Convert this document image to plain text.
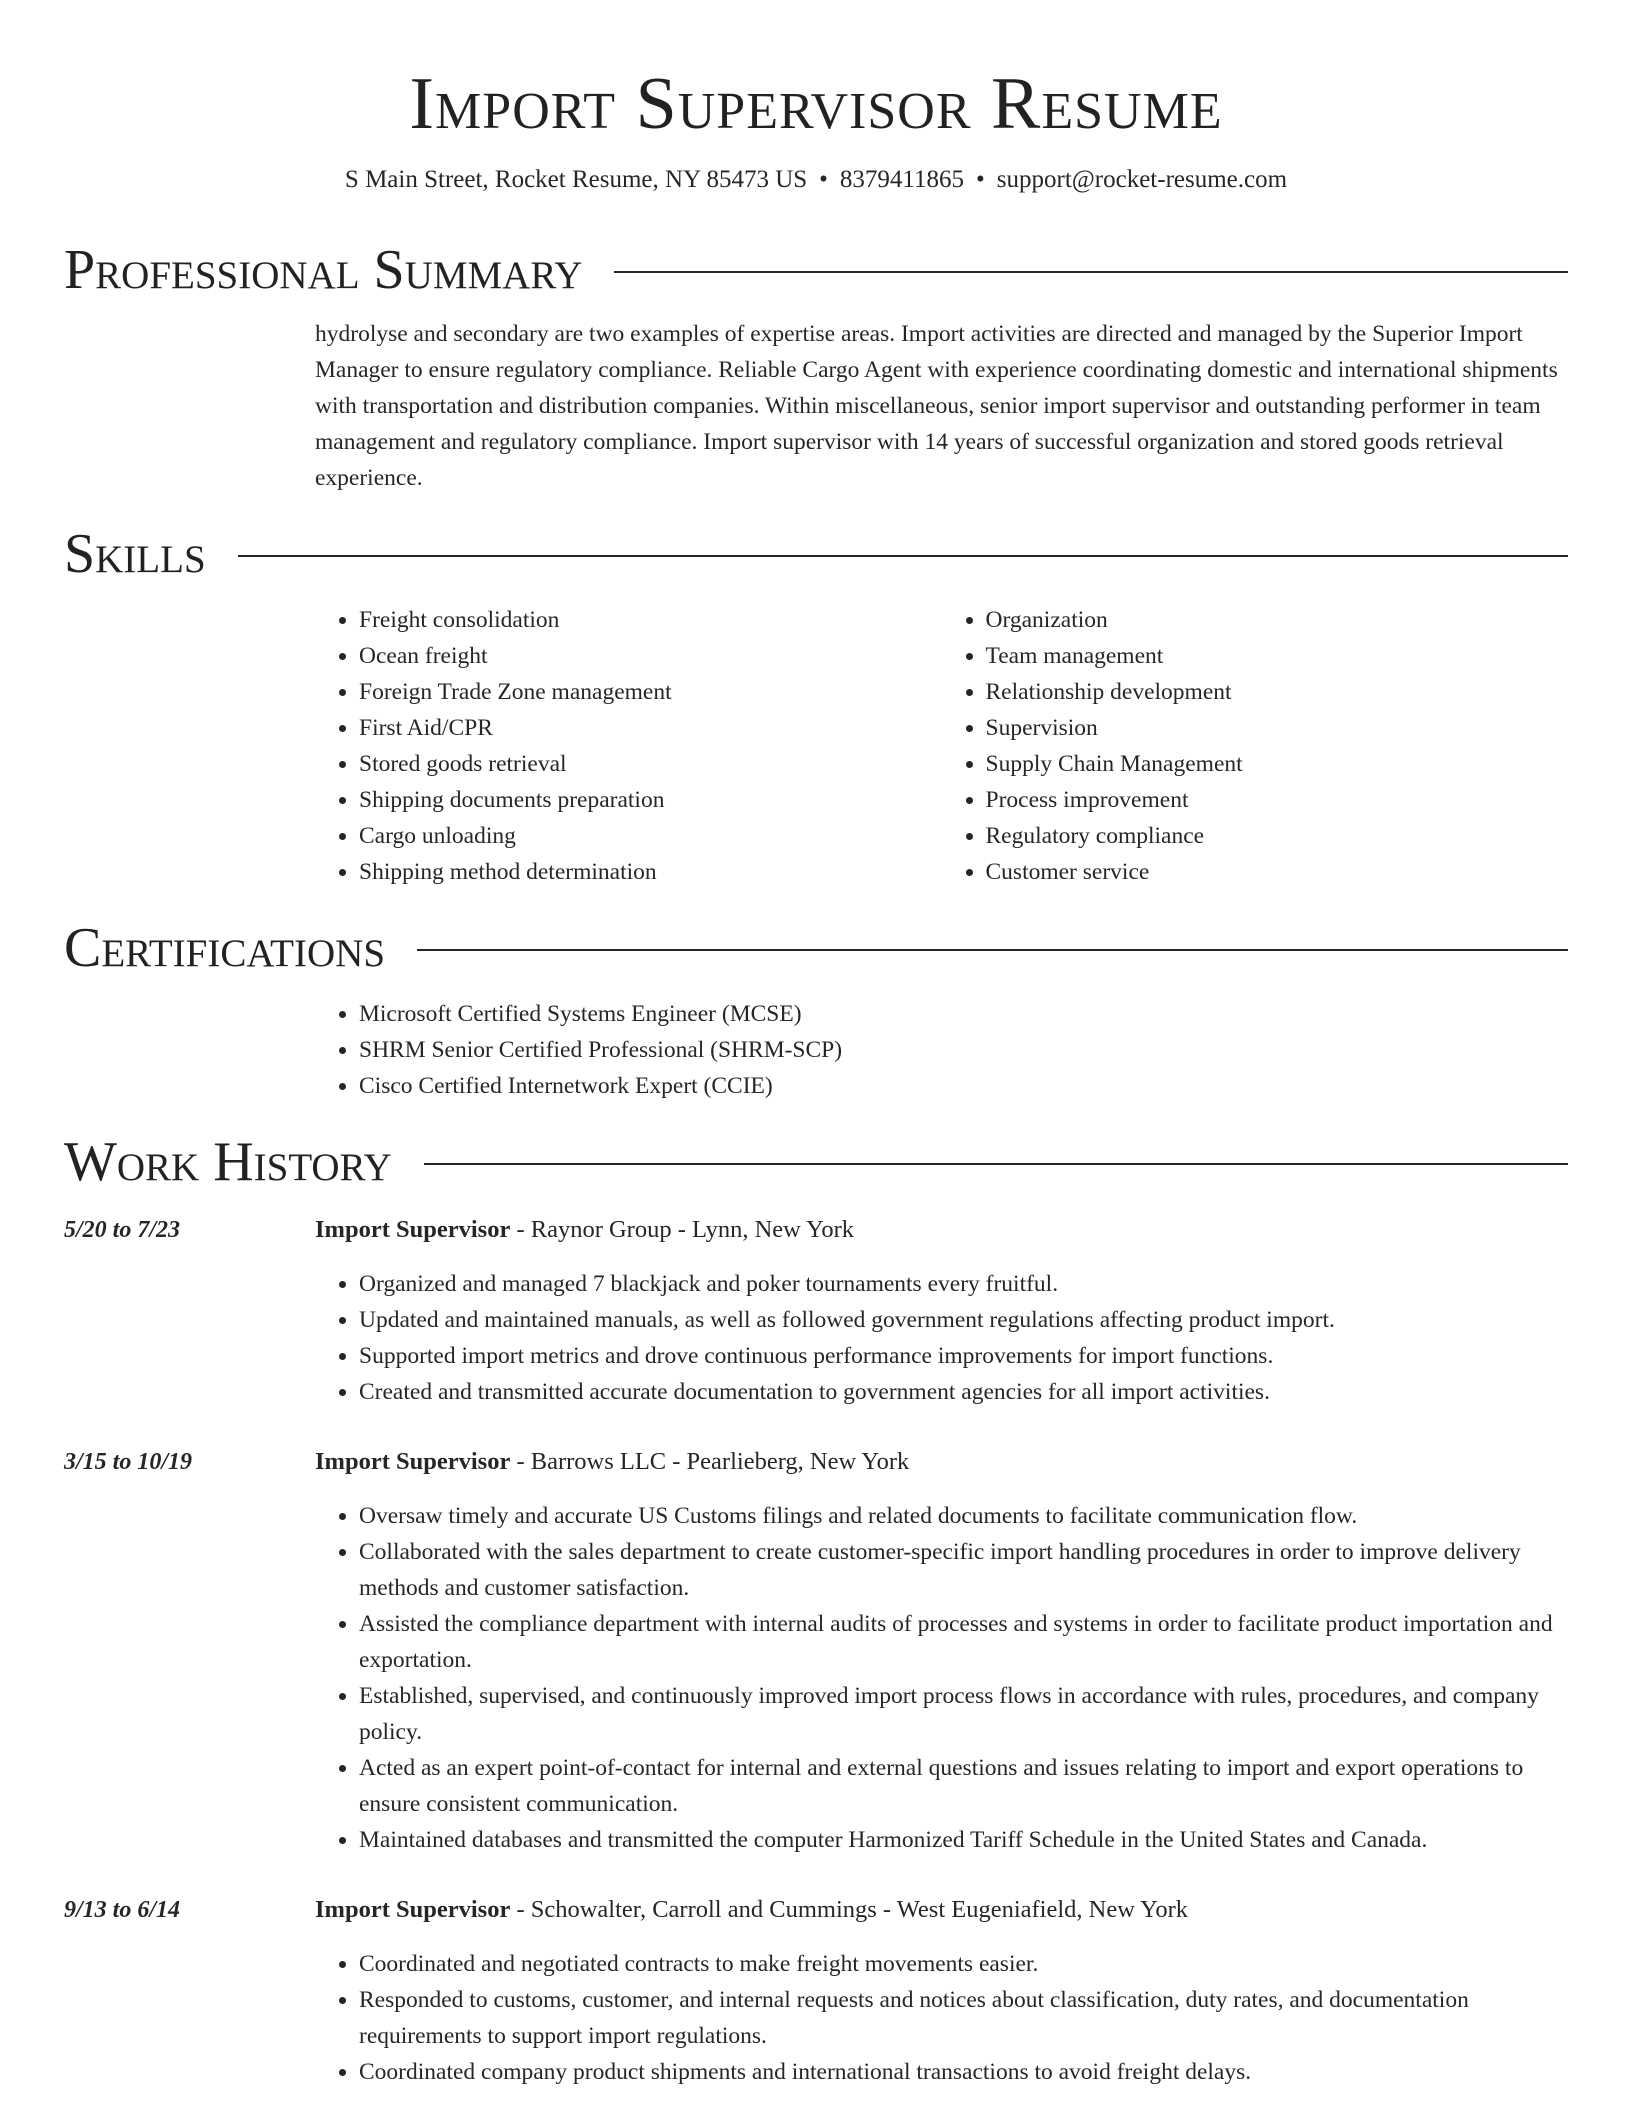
Import Supervisor Resume
S Main Street, Rocket Resume, NY 85473 US • 8379411865 • support@rocket-resume.com
Professional Summary
hydrolyse and secondary are two examples of expertise areas. Import activities are directed and managed by the Superior Import Manager to ensure regulatory compliance. Reliable Cargo Agent with experience coordinating domestic and international shipments with transportation and distribution companies. Within miscellaneous, senior import supervisor and outstanding performer in team management and regulatory compliance. Import supervisor with 14 years of successful organization and stored goods retrieval experience.
Skills
• Freight consolidation
• Ocean freight
• Foreign Trade Zone management
• First Aid/CPR
• Stored goods retrieval
• Shipping documents preparation
• Cargo unloading
• Shipping method determination
• Organization
• Team management
• Relationship development
• Supervision
• Supply Chain Management
• Process improvement
• Regulatory compliance
• Customer service
Certifications
• Microsoft Certified Systems Engineer (MCSE)
• SHRM Senior Certified Professional (SHRM-SCP)
• Cisco Certified Internetwork Expert (CCIE)
Work History
5/20 to 7/23	Import Supervisor - Raynor Group - Lynn, New York
• Organized and managed 7 blackjack and poker tournaments every fruitful.
• Updated and maintained manuals, as well as followed government regulations affecting product import.
• Supported import metrics and drove continuous performance improvements for import functions.
• Created and transmitted accurate documentation to government agencies for all import activities.
3/15 to 10/19	Import Supervisor - Barrows LLC - Pearlieberg, New York
• Oversaw timely and accurate US Customs filings and related documents to facilitate communication flow.
• Collaborated with the sales department to create customer-specific import handling procedures in order to improve delivery methods and customer satisfaction.
• Assisted the compliance department with internal audits of processes and systems in order to facilitate product importation and exportation.
• Established, supervised, and continuously improved import process flows in accordance with rules, procedures, and company policy.
• Acted as an expert point-of-contact for internal and external questions and issues relating to import and export operations to ensure consistent communication.
• Maintained databases and transmitted the computer Harmonized Tariff Schedule in the United States and Canada.
9/13 to 6/14	Import Supervisor - Schowalter, Carroll and Cummings - West Eugeniafield, New York
• Coordinated and negotiated contracts to make freight movements easier.
• Responded to customs, customer, and internal requests and notices about classification, duty rates, and documentation requirements to support import regulations.
• Coordinated company product shipments and international transactions to avoid freight delays.
